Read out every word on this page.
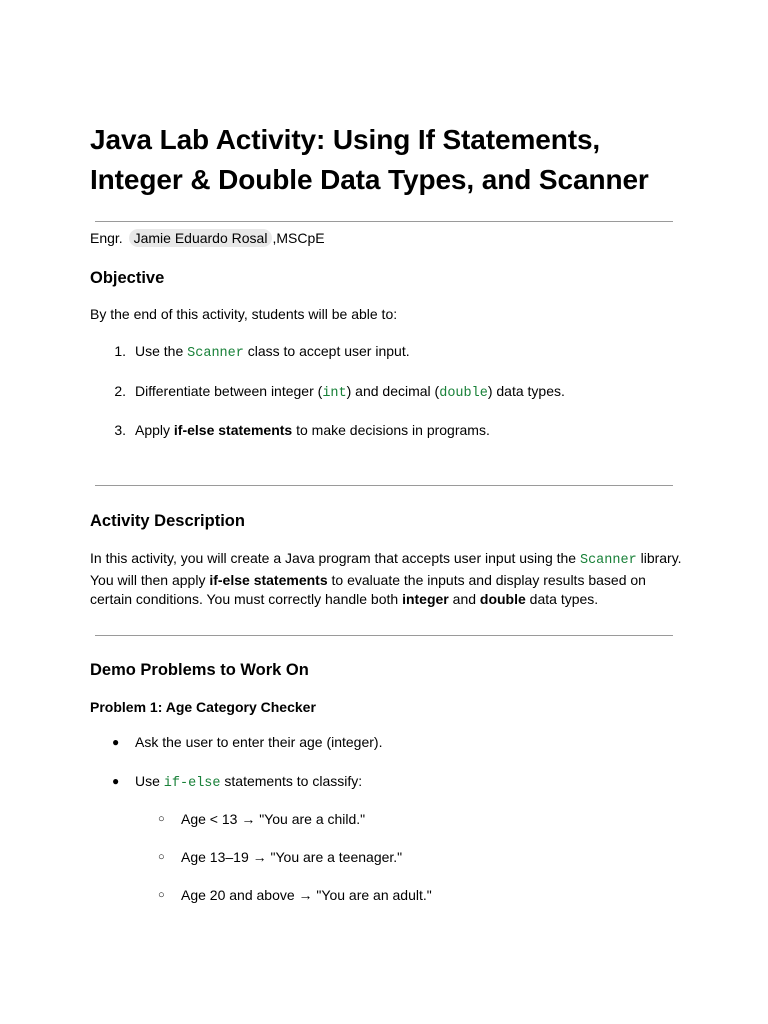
Java Lab Activity: Using If Statements, Integer & Double Data Types, and Scanner
Engr. Jamie Eduardo Rosal ,MSCpE
Objective
By the end of this activity, students will be able to:
1. Use the Scanner class to accept user input.
2. Differentiate between integer (int) and decimal (double) data types.
3. Apply if-else statements to make decisions in programs.
Activity Description
In this activity, you will create a Java program that accepts user input using the Scanner library. You will then apply if-else statements to evaluate the inputs and display results based on certain conditions. You must correctly handle both integer and double data types.
Demo Problems to Work On
Problem 1: Age Category Checker
● Ask the user to enter their age (integer).
● Use if-else statements to classify:
○ Age < 13 → "You are a child."
○ Age 13–19 → "You are a teenager."
○ Age 20 and above → "You are an adult."
